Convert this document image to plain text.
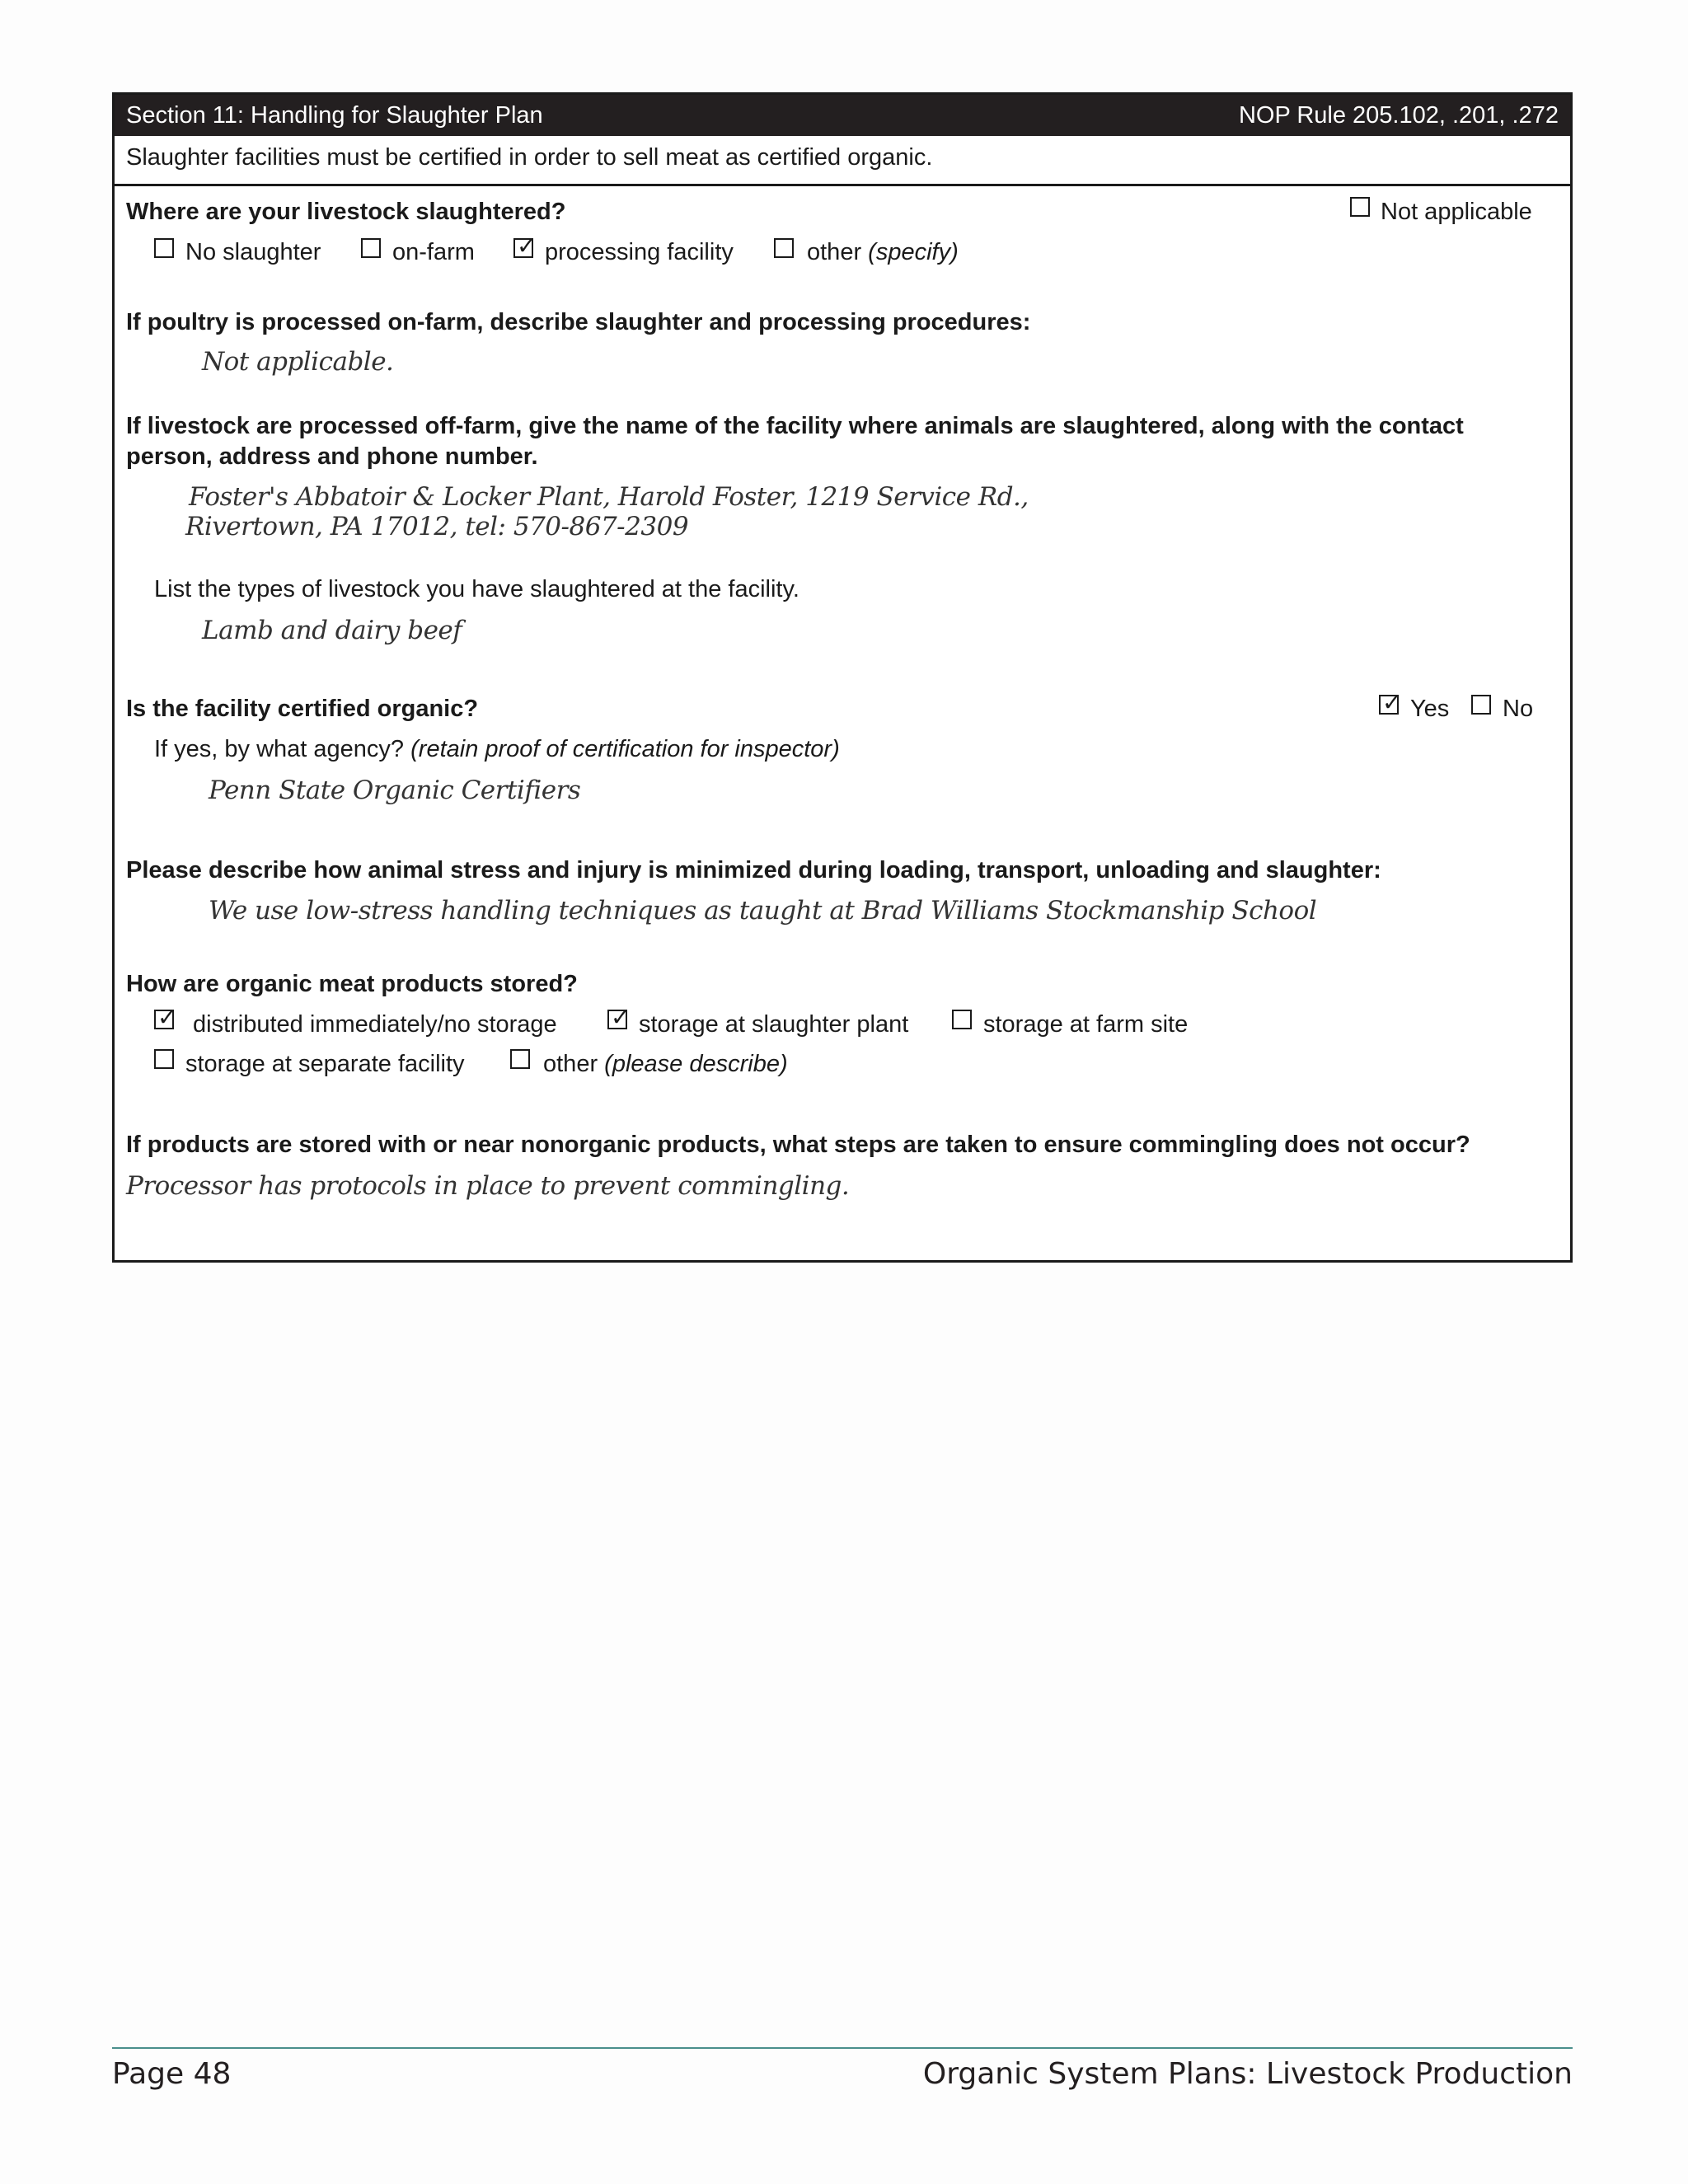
Section 11: Handling for Slaughter Plan	NOP Rule 205.102, .201, .272
Slaughter facilities must be certified in order to sell meat as certified organic.
Where are your livestock slaughtered?	Not applicable
No slaughter	on-farm ✓	processing facility	other (specify)
If poultry is processed on-farm, describe slaughter and processing procedures:
Not applicable.
If livestock are processed off-farm, give the name of the facility where animals are slaughtered, along with the contact
person, address and phone number.
Foster's Abbatoir & Locker Plant, Harold Foster, 1219 Service Rd.,
Rivertown, PA 17012, tel: 570-867-2309
List the types of livestock you have slaughtered at the facility.
Lamb and dairy beef
Is the facility certified organic? ✓	Yes No
If yes, by what agency? (retain proof of certification for inspector)
Penn State Organic Certifiers
Please describe how animal stress and injury is minimized during loading, transport, unloading and slaughter:
We use low-stress handling techniques as taught at Brad Williams Stockmanship School
How are organic meat products stored?
✓
distributed immediately/no storage ✓	storage at slaughter plant	storage at farm site
storage at separate facility	other (please describe)
If products are stored with or near nonorganic products, what steps are taken to ensure commingling does not occur?
Processor has protocols in place to prevent commingling.
Page 48	Organic System Plans: Livestock Production
